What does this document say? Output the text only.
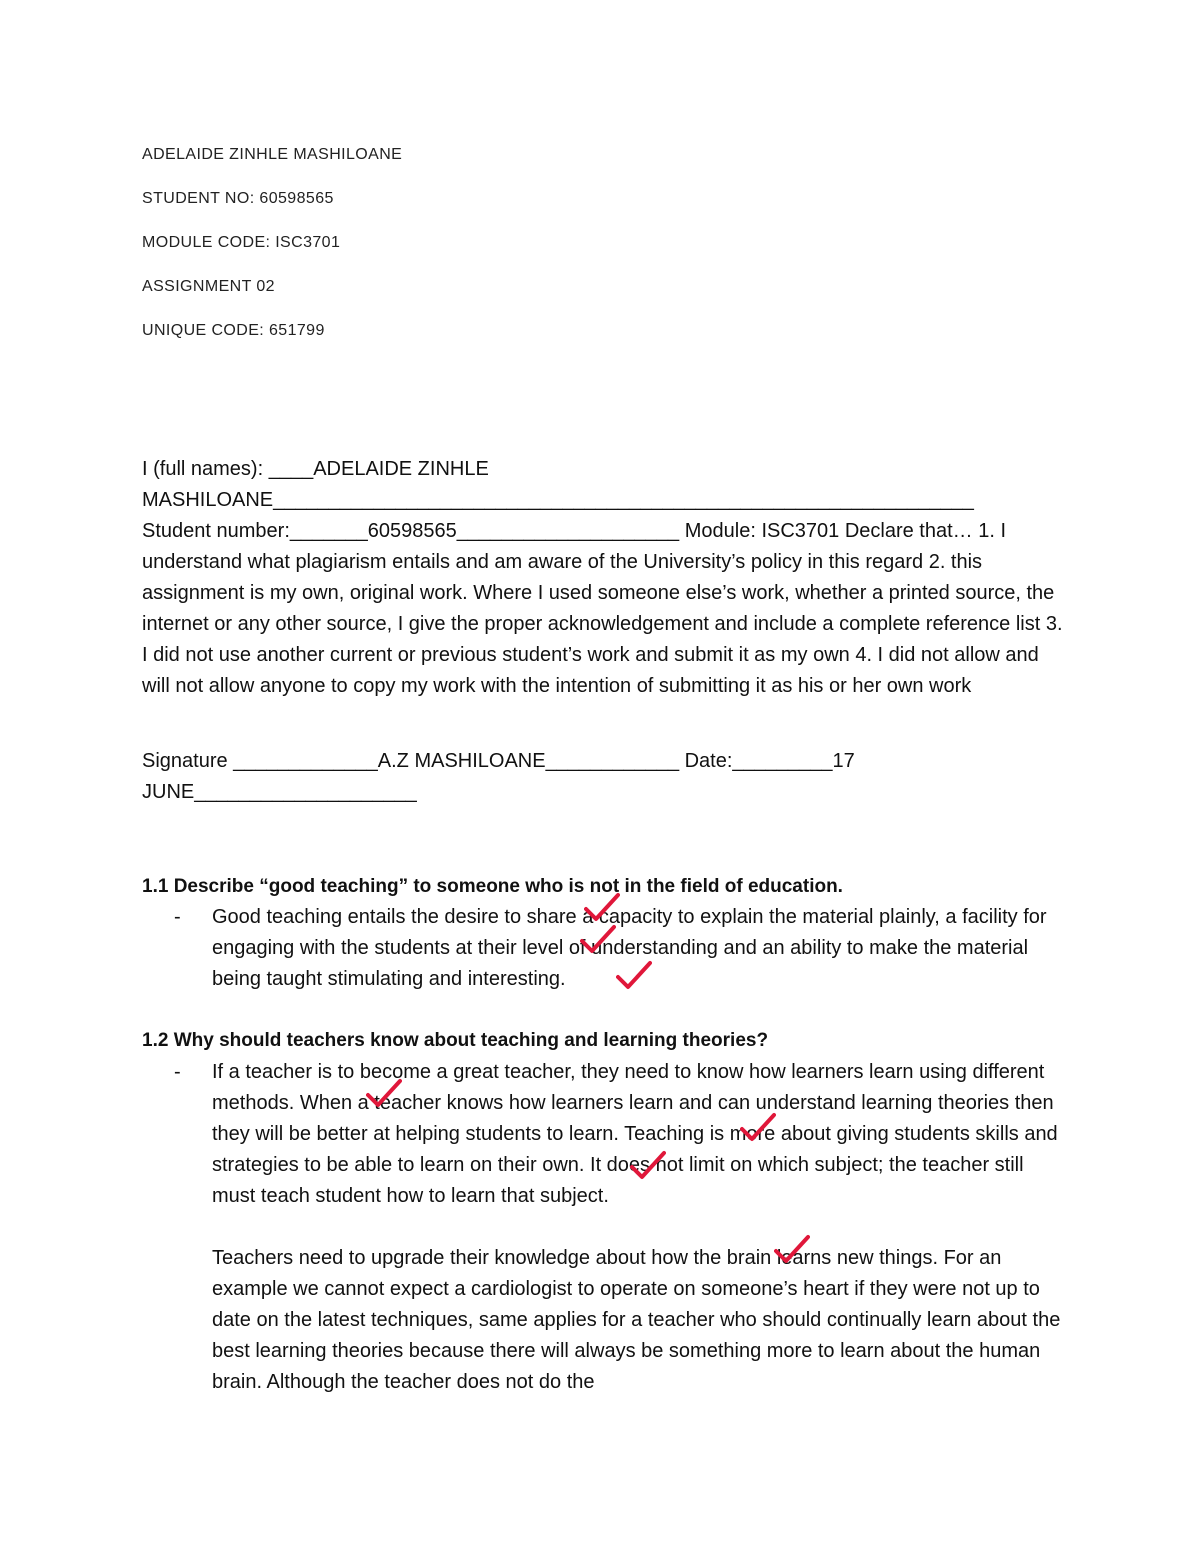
ADELAIDE ZINHLE MASHILOANE
STUDENT NO: 60598565
MODULE CODE: ISC3701
ASSIGNMENT 02
UNIQUE CODE: 651799

I (full names): ____ADELAIDE ZINHLE

MASHILOANE_______________________________________________________________

Student number:_______60598565____________________ Module: ISC3701 Declare that… 1. I understand what plagiarism entails and am aware of the University’s policy in this regard 2. this assignment is my own, original work. Where I used someone else’s work, whether a printed source, the internet or any other source, I give the proper acknowledgement and include a complete reference list 3. I did not use another current or previous student’s work and submit it as my own 4. I did not allow and will not allow anyone to copy my work with the intention of submitting it as his or her own work

Signature _____________A.Z MASHILOANE____________ Date:_________17

JUNE____________________

1.1 Describe “good teaching” to someone who is not in the field of education.
- Good teaching entails the desire to share a capacity to explain the material plainly, a facility for engaging with the students at their level of understanding and an ability to make the material being taught stimulating and interesting.

1.2 Why should teachers know about teaching and learning theories?
- If a teacher is to become a great teacher, they need to know how learners learn using different methods. When a teacher knows how learners learn and can understand learning theories then they will be better at helping students to learn. Teaching is more about giving students skills and strategies to be able to learn on their own. It does not limit on which subject; the teacher still must teach student how to learn that subject.

Teachers need to upgrade their knowledge about how the brain learns new things. For an example we cannot expect a cardiologist to operate on someone’s heart if they were not up to date on the latest techniques, same applies for a teacher who should continually learn about the best learning theories because there will always be something more to learn about the human brain. Although the teacher does not do the
